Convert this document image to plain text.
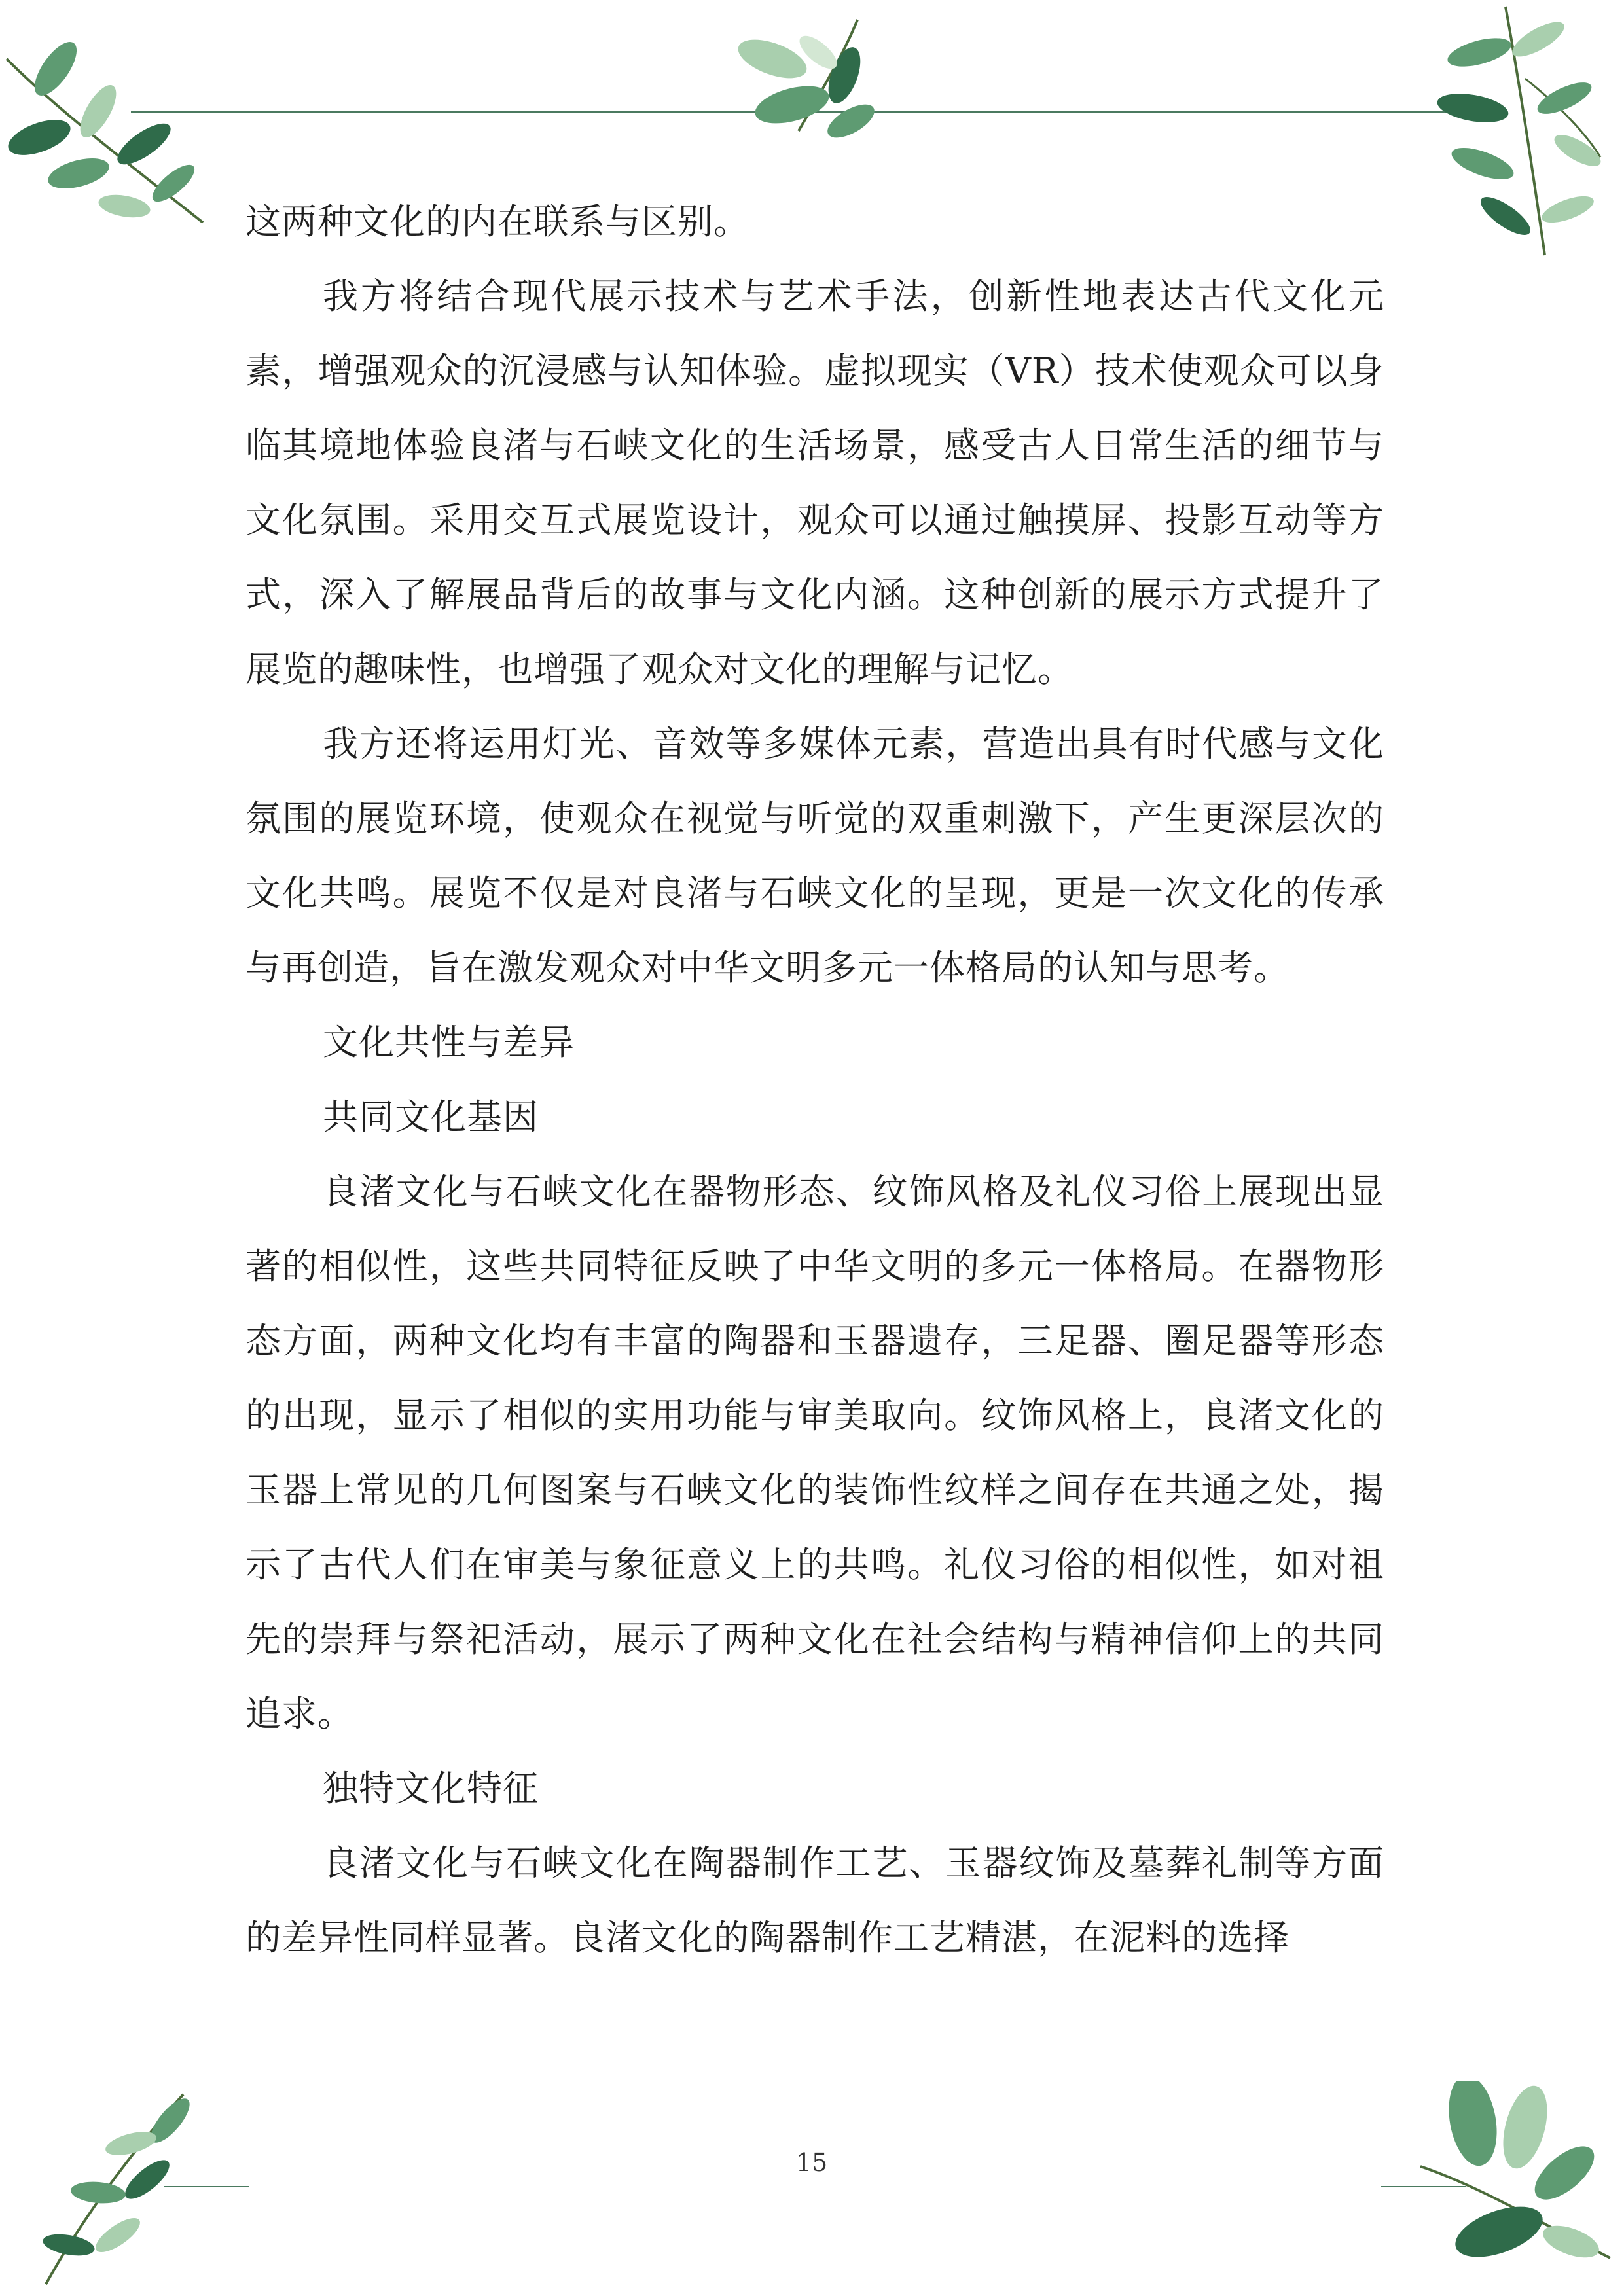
这两种文化的内在联系与区别。

我方将结合现代展示技术与艺术手法，创新性地表达古代文化元素，增强观众的沉浸感与认知体验。虚拟现实（VR）技术使观众可以身临其境地体验良渚与石峡文化的生活场景，感受古人日常生活的细节与文化氛围。采用交互式展览设计，观众可以通过触摸屏、投影互动等方式，深入了解展品背后的故事与文化内涵。这种创新的展示方式提升了展览的趣味性，也增强了观众对文化的理解与记忆。

我方还将运用灯光、音效等多媒体元素，营造出具有时代感与文化氛围的展览环境，使观众在视觉与听觉的双重刺激下，产生更深层次的文化共鸣。展览不仅是对良渚与石峡文化的呈现，更是一次文化的传承与再创造，旨在激发观众对中华文明多元一体格局的认知与思考。

文化共性与差异

共同文化基因

良渚文化与石峡文化在器物形态、纹饰风格及礼仪习俗上展现出显著的相似性，这些共同特征反映了中华文明的多元一体格局。在器物形态方面，两种文化均有丰富的陶器和玉器遗存，三足器、圈足器等形态的出现，显示了相似的实用功能与审美取向。纹饰风格上，良渚文化的玉器上常见的几何图案与石峡文化的装饰性纹样之间存在共通之处，揭示了古代人们在审美与象征意义上的共鸣。礼仪习俗的相似性，如对祖先的崇拜与祭祀活动，展示了两种文化在社会结构与精神信仰上的共同追求。

独特文化特征

良渚文化与石峡文化在陶器制作工艺、玉器纹饰及墓葬礼制等方面的差异性同样显著。良渚文化的陶器制作工艺精湛，在泥料的选择

15
